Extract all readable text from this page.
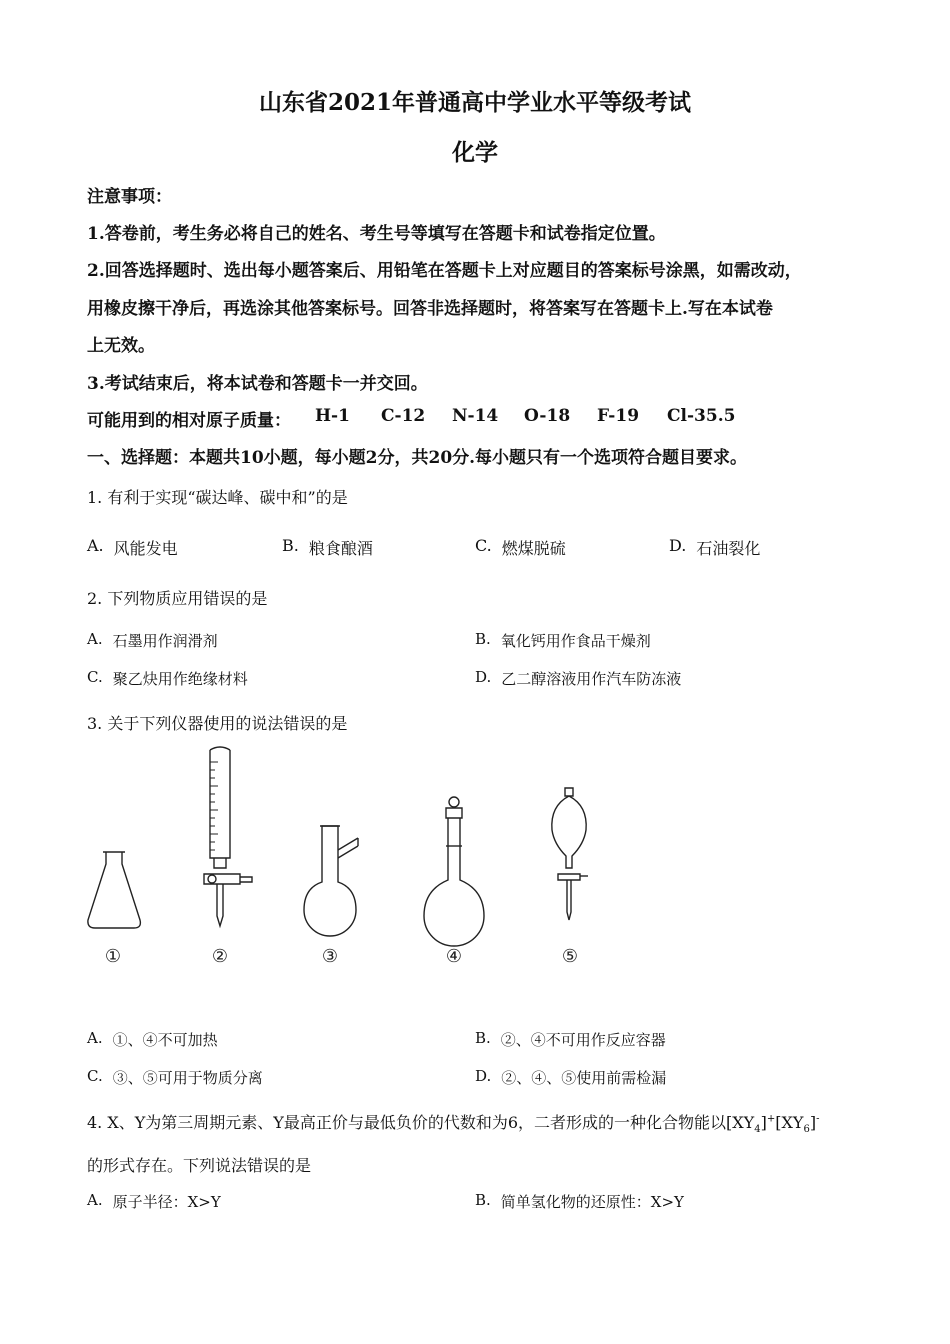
山东省2021年普通高中学业水平等级考试
化学
注意事项：
1.答卷前，考生务必将自己的姓名、考生号等填写在答题卡和试卷指定位置。
2.回答选择题时、选出每小题答案后、用铅笔在答题卡上对应题目的答案标号涂黑，如需改动，
用橡皮擦干净后，再选涂其他答案标号。回答非选择题时，将答案写在答题卡上.写在本试卷
上无效。
3.考试结束后，将本试卷和答题卡一并交回。
可能用到的相对原子质量： H-1 C-12 N-14 O-18 F-19 Cl-35.5
一、选择题：本题共10小题，每小题2分，共20分.每小题只有一个选项符合题目要求。
1. 有利于实现“碳达峰、碳中和”的是
A. 风能发电	B. 粮食酿酒	C. 燃煤脱硫	D. 石油裂化
2. 下列物质应用错误的是
A. 石墨用作润滑剂	B. 氧化钙用作食品干燥剂
C. 聚乙炔用作绝缘材料	D. 乙二醇溶液用作汽车防冻液
3. 关于下列仪器使用的说法错误的是
①	②	③	④	⑤
A. ①、④不可加热	B. ②、④不可用作反应容器
C. ③、⑤可用于物质分离	D. ②、④、⑤使用前需检漏
4. X、Y为第三周期元素、Y最高正价与最低负价的代数和为6，二者形成的一种化合物能以$[XY_4]^+[XY_6]^-$
的形式存在。下列说法错误的是
A. 原子半径：X>Y	B. 简单氢化物的还原性：X>Y
